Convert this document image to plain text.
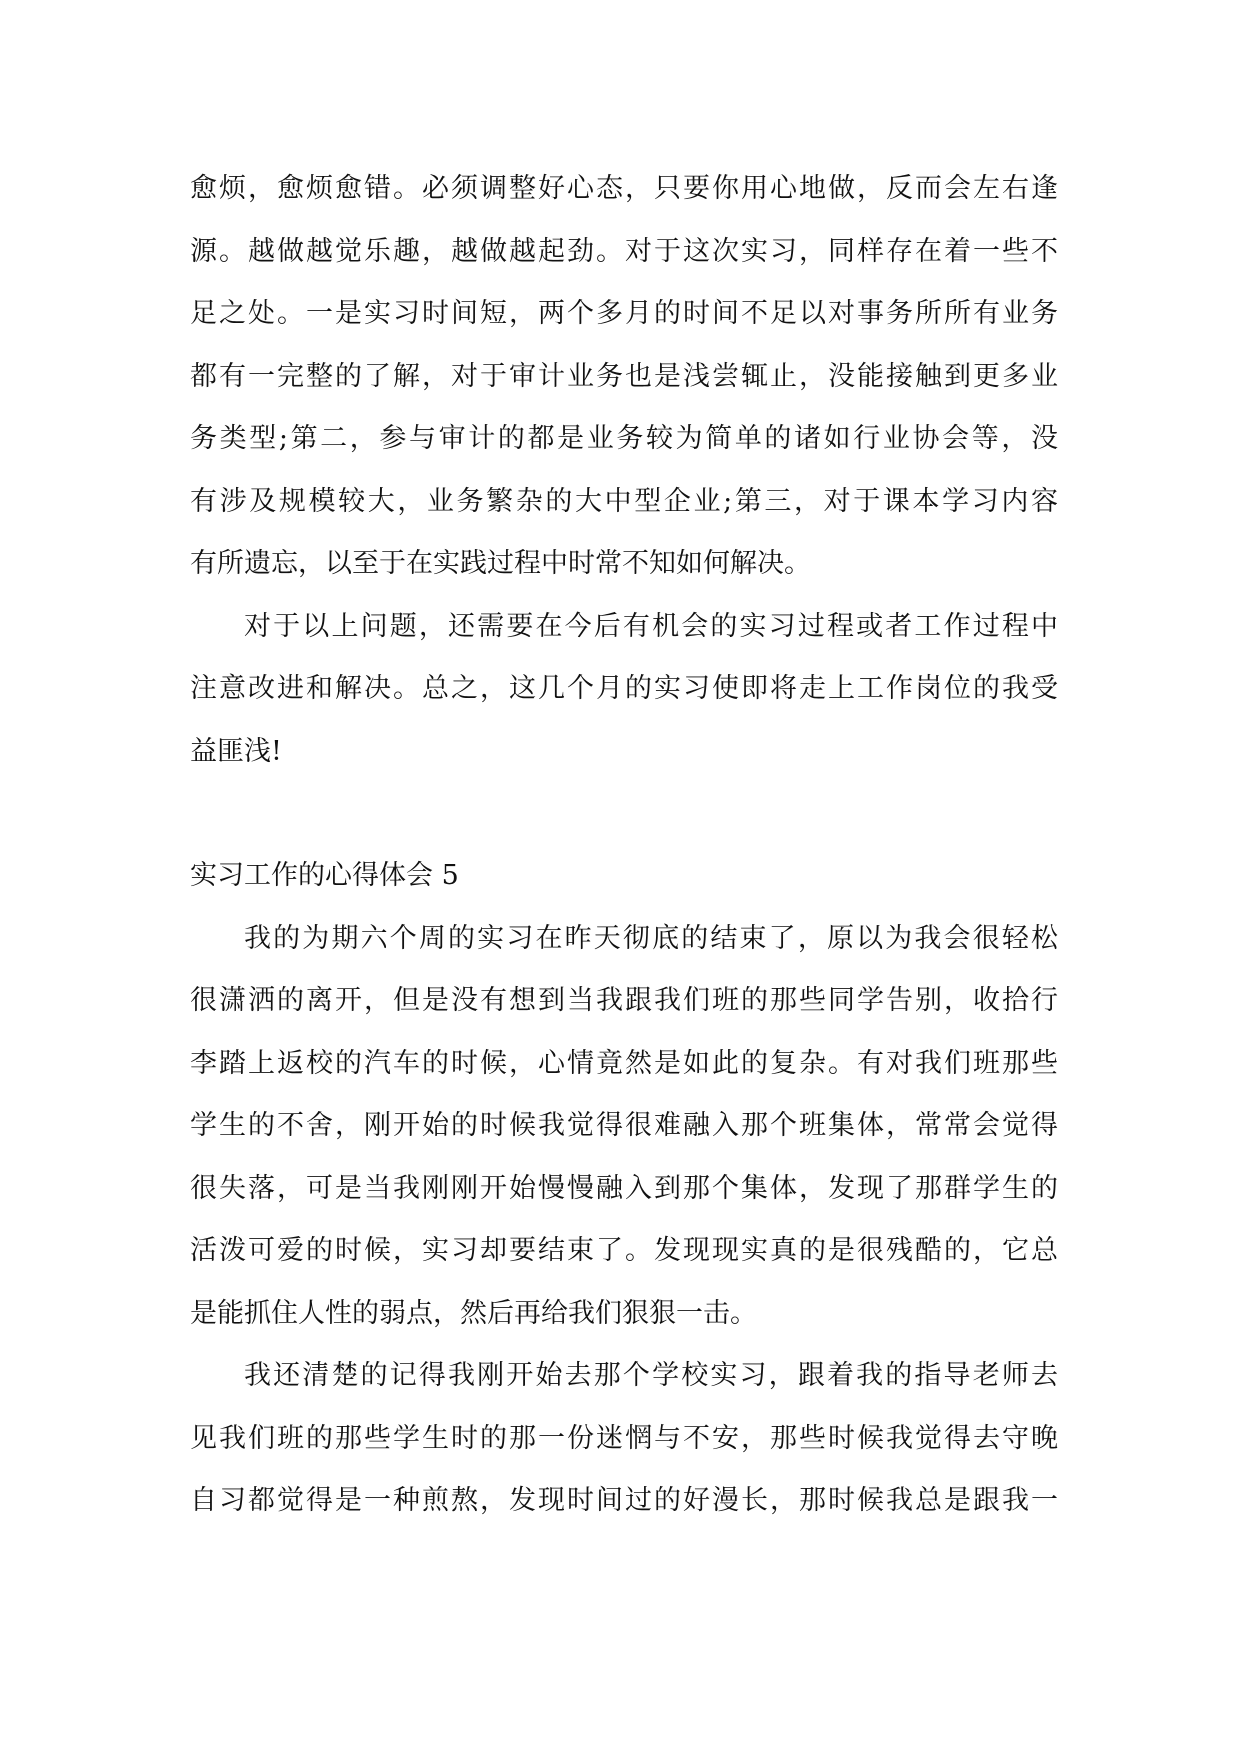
愈烦，愈烦愈错。必须调整好心态，只要你用心地做，反而会左右逢
源。越做越觉乐趣，越做越起劲。对于这次实习，同样存在着一些不
足之处。一是实习时间短，两个多月的时间不足以对事务所所有业务
都有一完整的了解，对于审计业务也是浅尝辄止，没能接触到更多业
务类型;第二，参与审计的都是业务较为简单的诸如行业协会等，没
有涉及规模较大，业务繁杂的大中型企业;第三，对于课本学习内容
有所遗忘，以至于在实践过程中时常不知如何解决。

对于以上问题，还需要在今后有机会的实习过程或者工作过程中
注意改进和解决。总之，这几个月的实习使即将走上工作岗位的我受
益匪浅!

实习工作的心得体会 5

我的为期六个周的实习在昨天彻底的结束了，原以为我会很轻松
很潇洒的离开，但是没有想到当我跟我们班的那些同学告别，收拾行
李踏上返校的汽车的时候，心情竟然是如此的复杂。有对我们班那些
学生的不舍，刚开始的时候我觉得很难融入那个班集体，常常会觉得
很失落，可是当我刚刚开始慢慢融入到那个集体，发现了那群学生的
活泼可爱的时候，实习却要结束了。发现现实真的是很残酷的，它总
是能抓住人性的弱点，然后再给我们狠狠一击。

我还清楚的记得我刚开始去那个学校实习，跟着我的指导老师去
见我们班的那些学生时的那一份迷惘与不安，那些时候我觉得去守晚
自习都觉得是一种煎熬，发现时间过的好漫长，那时候我总是跟我一
